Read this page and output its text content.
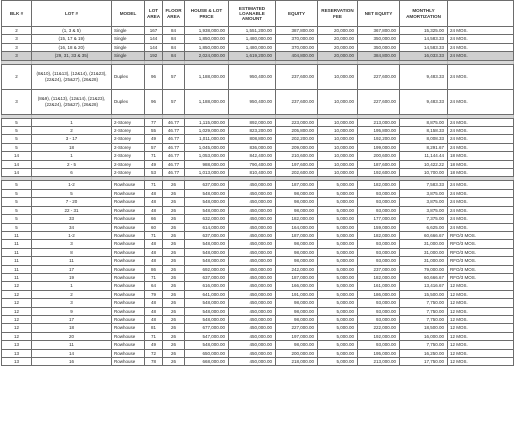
BLK #	LOT #	MODEL	LOT AREA	FLOOR AREA	HOUSE & LOT PRICE	ESTIMATED LOANABLE AMOUNT	EQUITY	RESERVATION FEE	NET EQUITY	MONTHLY AMORTIZATION	
2	(1, 3 & 5)	Single	167	84	1,938,000.00	1,551,200.00	387,800.00	20,000.00	367,800.00	15,325.00	24 MOS.
3	(15, 17 & 19)	Single	144	84	1,850,000.00	1,480,000.00	370,000.00	20,000.00	350,000.00	14,583.33	24 MOS.
3	(16, 18 & 20)	Single	144	84	1,850,000.00	1,480,000.00	370,000.00	20,000.00	350,000.00	14,583.33	24 MOS.
3	(29, 31, 33 & 35)	Single	192	84	2,024,000.00	1,619,200.00	404,800.00	20,000.00	384,800.00	16,033.33	24 MOS.

2	(8&10), (11&13), (12&14), (21&23), (22&24), (25&27), (26&28)	Duplex	96	57	1,188,000.00	950,400.00	237,600.00	10,000.00	227,600.00	9,483.33	24 MOS.
3	(8&9), (11&13), (12&14), (21&23), (22&24), (25&27), (26&28)	Duplex	96	57	1,188,000.00	950,400.00	237,600.00	10,000.00	227,600.00	9,483.33	24 MOS.

5	1	2-Storey	77	46.77	1,115,000.00	892,000.00	223,000.00	10,000.00	213,000.00	8,875.00	24 MOS.
5	2	2-Storey	55	46.77	1,029,000.00	823,200.00	205,800.00	10,000.00	195,800.00	8,158.33	24 MOS.
5	3 - 17	2-Storey	49	46.77	1,011,000.00	808,800.00	202,200.00	10,000.00	192,200.00	8,008.33	24 MOS.
5	18	2-Storey	57	46.77	1,045,000.00	836,000.00	209,000.00	10,000.00	199,000.00	8,291.67	24 MOS.
14	1	2-Storey	71	46.77	1,053,000.00	842,400.00	210,600.00	10,000.00	200,600.00	11,144.44	18 MOS.
14	2 - 5	2-Storey	49	46.77	988,000.00	790,400.00	197,600.00	10,000.00	187,600.00	10,422.22	18 MOS.
14	6	2-Storey	53	46.77	1,013,000.00	810,400.00	202,600.00	10,000.00	192,600.00	10,700.00	18 MOS.

5	1-2	Rowhouse	71	26	637,000.00	450,000.00	187,000.00	5,000.00	182,000.00	7,583.33	24 MOS.
5	5	Rowhouse	48	26	548,000.00	450,000.00	98,000.00	5,000.00	93,000.00	3,875.00	24 MOS.
5	7 - 20	Rowhouse	48	26	548,000.00	450,000.00	98,000.00	5,000.00	93,000.00	3,875.00	24 MOS.
5	22 - 31	Rowhouse	48	26	548,000.00	450,000.00	98,000.00	5,000.00	93,000.00	3,875.00	24 MOS.
5	33	Rowhouse	66	26	632,000.00	450,000.00	182,000.00	5,000.00	177,000.00	7,375.00	24 MOS.
5	34	Rowhouse	60	26	614,000.00	450,000.00	164,000.00	5,000.00	159,000.00	6,625.00	24 MOS.
11	1-2	Rowhouse	71	26	637,000.00	450,000.00	187,000.00	5,000.00	182,000.00	60,666.67	RFO/3 MOS.
11	3	Rowhouse	48	26	548,000.00	450,000.00	98,000.00	5,000.00	93,000.00	31,000.00	RFO/3 MOS.
11	8	Rowhouse	48	26	548,000.00	450,000.00	98,000.00	5,000.00	93,000.00	31,000.00	RFO/3 MOS.
11	11	Rowhouse	48	26	548,000.00	450,000.00	98,000.00	5,000.00	93,000.00	31,000.00	RFO/3 MOS.
11	17	Rowhouse	86	26	692,000.00	450,000.00	242,000.00	5,000.00	237,000.00	79,000.00	RFO/3 MOS.
11	19	Rowhouse	71	26	637,000.00	450,000.00	187,000.00	5,000.00	182,000.00	60,666.67	RFO/3 MOS.
12	1	Rowhouse	64	26	616,000.00	450,000.00	166,000.00	5,000.00	161,000.00	13,416.67	12 MOS.
12	2	Rowhouse	79	26	641,000.00	450,000.00	191,000.00	5,000.00	186,000.00	15,500.00	12 MOS.
12	3	Rowhouse	48	26	548,000.00	450,000.00	98,000.00	5,000.00	93,000.00	7,750.00	12 MOS.
12	9	Rowhouse	48	26	548,000.00	450,000.00	98,000.00	5,000.00	93,000.00	7,750.00	12 MOS.
12	17	Rowhouse	48	26	548,000.00	450,000.00	98,000.00	5,000.00	93,000.00	7,750.00	12 MOS.
12	18	Rowhouse	81	26	677,000.00	450,000.00	227,000.00	5,000.00	222,000.00	18,500.00	12 MOS.
12	20	Rowhouse	71	26	547,000.00	450,000.00	197,000.00	5,000.00	192,000.00	16,000.00	12 MOS.
13	11	Rowhouse	49	26	548,000.00	450,000.00	98,000.00	5,000.00	93,000.00	7,750.00	12 MOS.
13	14	Rowhouse	72	26	650,000.00	450,000.00	200,000.00	5,000.00	195,000.00	16,250.00	12 MOS.
13	16	Rowhouse	78	26	668,000.00	450,000.00	218,000.00	5,000.00	213,000.00	17,750.00	12 MOS.
